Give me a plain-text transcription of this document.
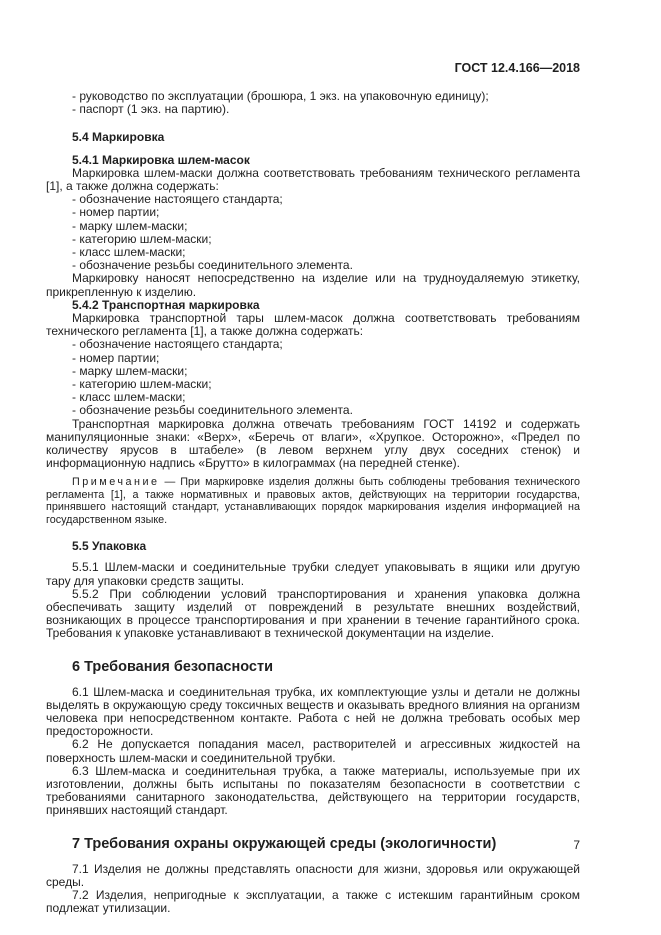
ГОСТ 12.4.166—2018
- руководство по эксплуатации (брошюра, 1 экз. на упаковочную единицу);
- паспорт (1 экз. на партию).
5.4 Маркировка
5.4.1 Маркировка шлем-масок
Маркировка шлем-маски должна соответствовать требованиям технического регламента [1], а также должна содержать:
- обозначение настоящего стандарта;
- номер партии;
- марку шлем-маски;
- категорию шлем-маски;
- класс шлем-маски;
- обозначение резьбы соединительного элемента.
Маркировку наносят непосредственно на изделие или на трудноудаляемую этикетку, прикрепленную к изделию.
5.4.2 Транспортная маркировка
Маркировка транспортной тары шлем-масок должна соответствовать требованиям технического регламента [1], а также должна содержать:
- обозначение настоящего стандарта;
- номер партии;
- марку шлем-маски;
- категорию шлем-маски;
- класс шлем-маски;
- обозначение резьбы соединительного элемента.
Транспортная маркировка должна отвечать требованиям ГОСТ 14192 и содержать манипуляционные знаки: «Верх», «Беречь от влаги», «Хрупкое. Осторожно», «Предел по количеству ярусов в штабеле» (в левом верхнем углу двух соседних стенок) и информационную надпись «Брутто» в килограммах (на передней стенке).
Примечание — При маркировке изделия должны быть соблюдены требования технического регламента [1], а также нормативных и правовых актов, действующих на территории государства, принявшего настоящий стандарт, устанавливающих порядок маркирования изделия информацией на государственном языке.
5.5 Упаковка
5.5.1 Шлем-маски и соединительные трубки следует упаковывать в ящики или другую тару для упаковки средств защиты.
5.5.2 При соблюдении условий транспортирования и хранения упаковка должна обеспечивать защиту изделий от повреждений в результате внешних воздействий, возникающих в процессе транспортирования и при хранении в течение гарантийного срока. Требования к упаковке устанавливают в технической документации на изделие.
6 Требования безопасности
6.1 Шлем-маска и соединительная трубка, их комплектующие узлы и детали не должны выделять в окружающую среду токсичных веществ и оказывать вредного влияния на организм человека при непосредственном контакте. Работа с ней не должна требовать особых мер предосторожности.
6.2 Не допускается попадания масел, растворителей и агрессивных жидкостей на поверхность шлем-маски и соединительной трубки.
6.3 Шлем-маска и соединительная трубка, а также материалы, используемые при их изготовлении, должны быть испытаны по показателям безопасности в соответствии с требованиями санитарного законодательства, действующего на территории государств, принявших настоящий стандарт.
7 Требования охраны окружающей среды (экологичности)
7.1 Изделия не должны представлять опасности для жизни, здоровья или окружающей среды.
7.2 Изделия, непригодные к эксплуатации, а также с истекшим гарантийным сроком подлежат утилизации.
7
